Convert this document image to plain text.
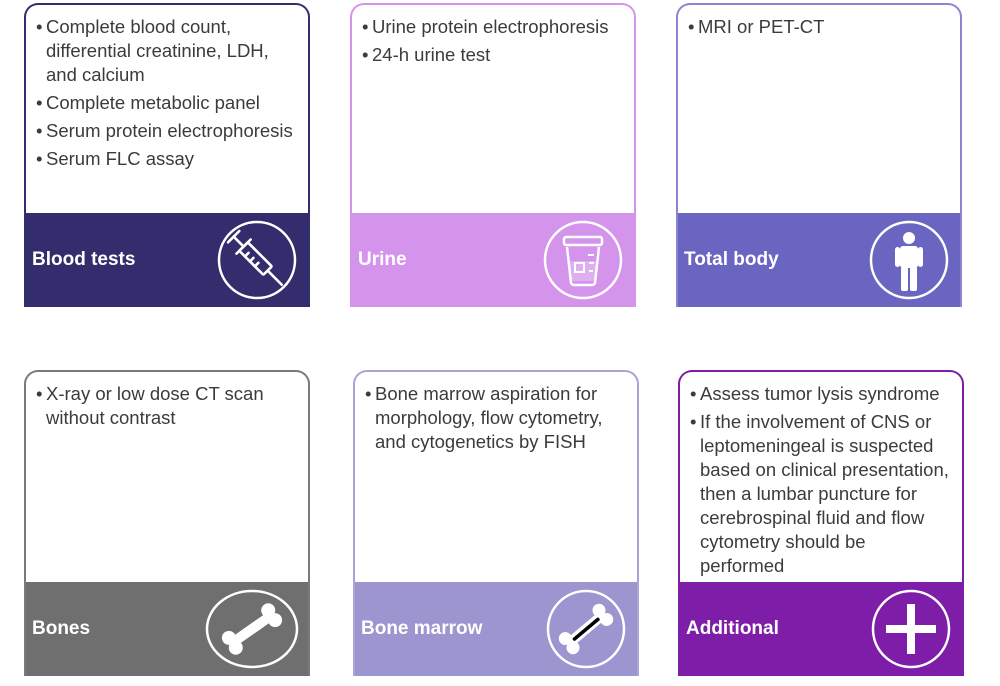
• Complete blood count, differential creatinine, LDH, and calcium
• Complete metabolic panel
• Serum protein electrophoresis
• Serum FLC assay
Blood tests
• Urine protein electrophoresis
• 24-h urine test
Urine
• MRI or PET-CT
Total body
• X-ray or low dose CT scan without contrast
Bones
• Bone marrow aspiration for morphology, flow cytometry, and cytogenetics by FISH
Bone marrow
• Assess tumor lysis syndrome
• If the involvement of CNS or leptomeningeal is suspected based on clinical presentation, then a lumbar puncture for cerebrospinal fluid and flow cytometry should be performed
Additional
